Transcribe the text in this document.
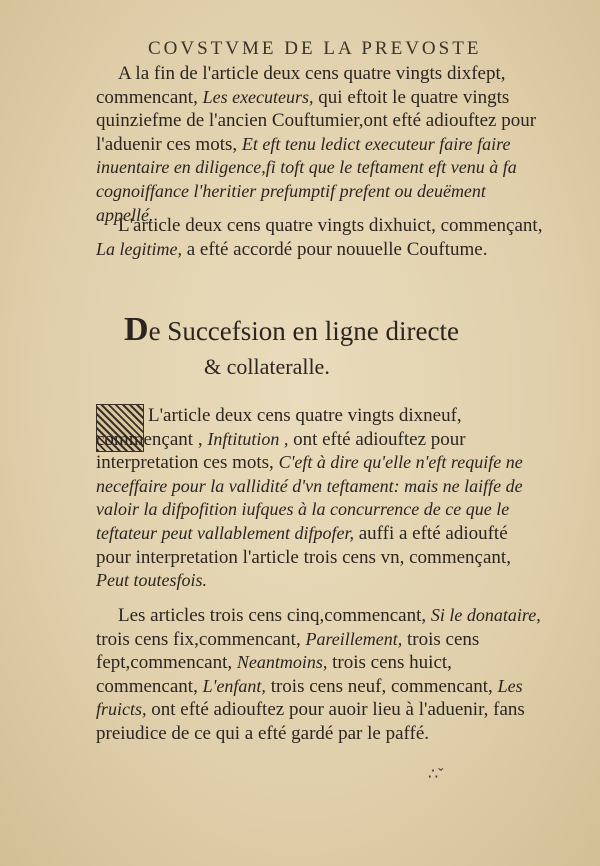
COVSTVME DE LA PREVOSTE

A la fin de l'article deux cens quatre vingts dixfept, commencant, Les executeurs, qui eftoit le quatre vingts quinziefme de l'ancien Couftumier,ont efté adiouftez pour l'aduenir ces mots, Et eft tenu ledict executeur faire faire inuentaire en diligence,fi toft que le teftament eft venu à fa cognoiffance l'heritier prefumptif prefent ou deuëment appellé.

L'article deux cens quatre vingts dixhuict, commençant, La legitime, a efté accordé pour nouuelle Couftume.

De Succefsion en ligne directe
& collateralle.

L'article deux cens quatre vingts dixneuf, commençant , Inftitution , ont efté adiouftez pour interpretation ces mots, C'eft à dire qu'elle n'eft requife ne neceffaire pour la vallidité d'vn teftament: mais ne laiffe de valoir la difpofition iufques à la concurrence de ce que le teftateur peut vallablement difpofer, auffi a efté adioufté pour interpretation l'article trois cens vn, commençant, Peut toutesfois.

Les articles trois cens cinq,commencant, Si le donataire, trois cens fix,commencant, Pareillement, trois cens fept,commencant, Neantmoins, trois cens huict, commencant, L'enfant, trois cens neuf, commencant, Les fruicts, ont efté adiouftez pour auoir lieu à l'aduenir, fans preiudice de ce qui a efté gardé par le paffé.

∴ˇ
